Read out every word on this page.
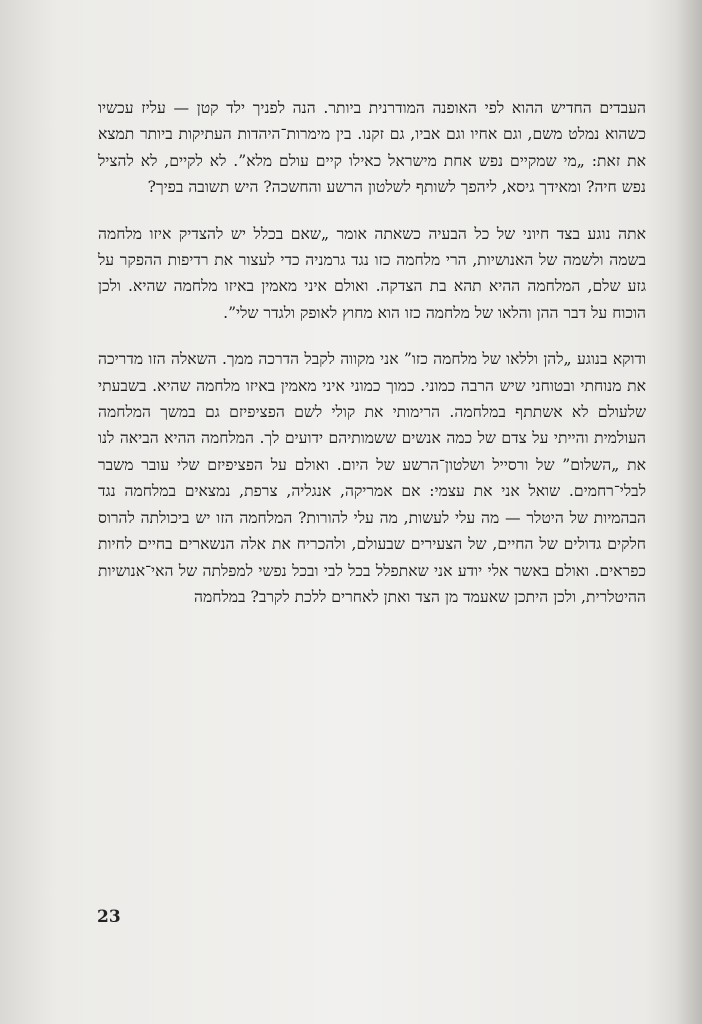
העבדים החדיש ההוא לפי האופנה המודרנית ביותר. הנה לפניך ילד קטן — עליז עכשיו כשהוא נמלט משם, וגם אחיו וגם אביו, גם זקנו. בין מימרות־היהדות העתיקות ביותר תמצא את זאת: „מי שמקיים נפש אחת מישראל כאילו קיים עולם מלא”. לא לקיים, לא להציל נפש חיה? ומאידך גיסא, ליהפך לשותף לשלטון הרשע והחשכה? היש תשובה בפיך?

אתה נוגע בצד חיוני של כל הבעיה כשאתה אומר „שאם בכלל יש להצדיק איזו מלחמה בשמה ולשמה של האנושיות, הרי מלחמה כזו נגד גרמניה כדי לעצור את רדיפות ההפקר על גזע שלם, המלחמה ההיא תהא בת הצדקה. ואולם איני מאמין באיזו מלחמה שהיא. ולכן הוכוח על דבר ההן והלאו של מלחמה כזו הוא מחוץ לאופק ולגדר שלי”.

ודוקא בנוגע „להן וללאו של מלחמה כזו” אני מקווה לקבל הדרכה ממך. השאלה הזו מדריכה את מנוחתי ובטוחני שיש הרבה כמוני. כמוך כמוני איני מאמין באיזו מלחמה שהיא. בשבעתי שלעולם לא אשתתף במלחמה. הרימותי את קולי לשם הפציפיזם גם במשך המלחמה העולמית והייתי על צדם של כמה אנשים ששמותיהם ידועים לך. המלחמה ההיא הביאה לנו את „השלום” של ורסייל ושלטון־הרשע של היום. ואולם על הפציפיזם שלי עובר משבר לבלי־רחמים. שואל אני את עצמי: אם אמריקה, אנגליה, צרפת, נמצאים במלחמה נגד הבהמיות של היטלר — מה עלי לעשות, מה עלי להורות? המלחמה הזו יש ביכולתה להרוס חלקים גדולים של החיים, של הצעירים שבעולם, ולהכריח את אלה הנשארים בחיים לחיות כפראים. ואולם באשר אלי יודע אני שאתפלל בכל לבי ובכל נפשי למפלתה של האי־אנושיות ההיטלרית, ולכן היתכן שאעמד מן הצד ואתן לאחרים ללכת לקרב? במלחמה

23
